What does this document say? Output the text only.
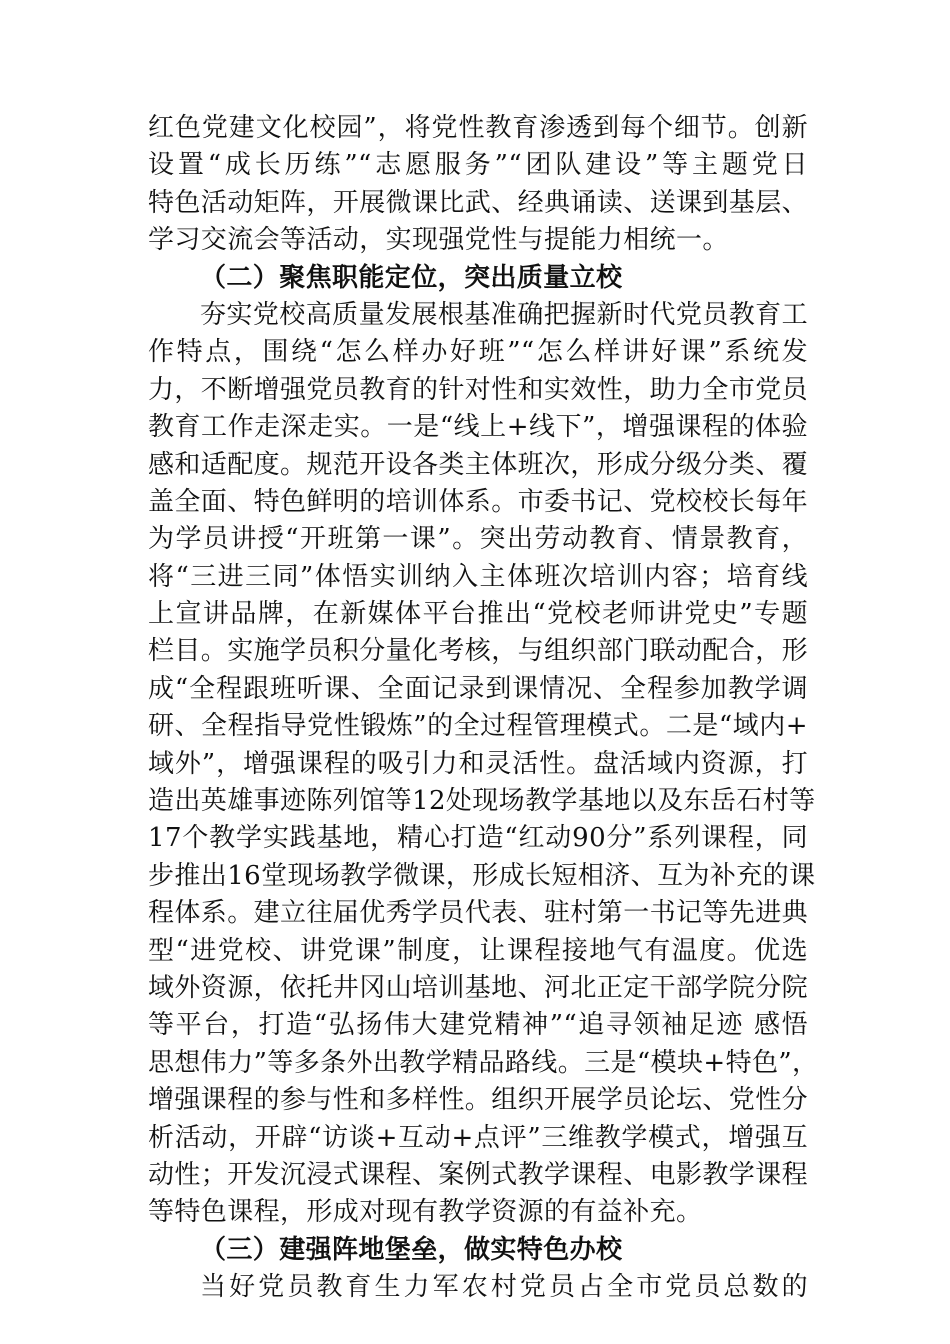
红色党建文化校园”，将党性教育渗透到每个细节。创新
设置“成长历练”“志愿服务”“团队建设”等主题党日
特色活动矩阵，开展微课比武、经典诵读、送课到基层、
学习交流会等活动，实现强党性与提能力相统一。
（二）聚焦职能定位，突出质量立校
夯实党校高质量发展根基准确把握新时代党员教育工
作特点，围绕“怎么样办好班”“怎么样讲好课”系统发
力，不断增强党员教育的针对性和实效性，助力全市党员
教育工作走深走实。一是“线上+线下”，增强课程的体验
感和适配度。规范开设各类主体班次，形成分级分类、覆
盖全面、特色鲜明的培训体系。市委书记、党校校长每年
为学员讲授“开班第一课”。突出劳动教育、情景教育，
将“三进三同”体悟实训纳入主体班次培训内容；培育线
上宣讲品牌，在新媒体平台推出“党校老师讲党史”专题
栏目。实施学员积分量化考核，与组织部门联动配合，形
成“全程跟班听课、全面记录到课情况、全程参加教学调
研、全程指导党性锻炼”的全过程管理模式。二是“域内+
域外”，增强课程的吸引力和灵活性。盘活域内资源，打
造出英雄事迹陈列馆等12处现场教学基地以及东岳石村等
17个教学实践基地，精心打造“红动90分”系列课程，同
步推出16堂现场教学微课，形成长短相济、互为补充的课
程体系。建立往届优秀学员代表、驻村第一书记等先进典
型“进党校、讲党课”制度，让课程接地气有温度。优选
域外资源，依托井冈山培训基地、河北正定干部学院分院
等平台，打造“弘扬伟大建党精神”“追寻领袖足迹 感悟
思想伟力”等多条外出教学精品路线。三是“模块+特色”，
增强课程的参与性和多样性。组织开展学员论坛、党性分
析活动，开辟“访谈+互动+点评”三维教学模式，增强互
动性；开发沉浸式课程、案例式教学课程、电影教学课程
等特色课程，形成对现有教学资源的有益补充。
（三）建强阵地堡垒，做实特色办校
当好党员教育生力军农村党员占全市党员总数的
